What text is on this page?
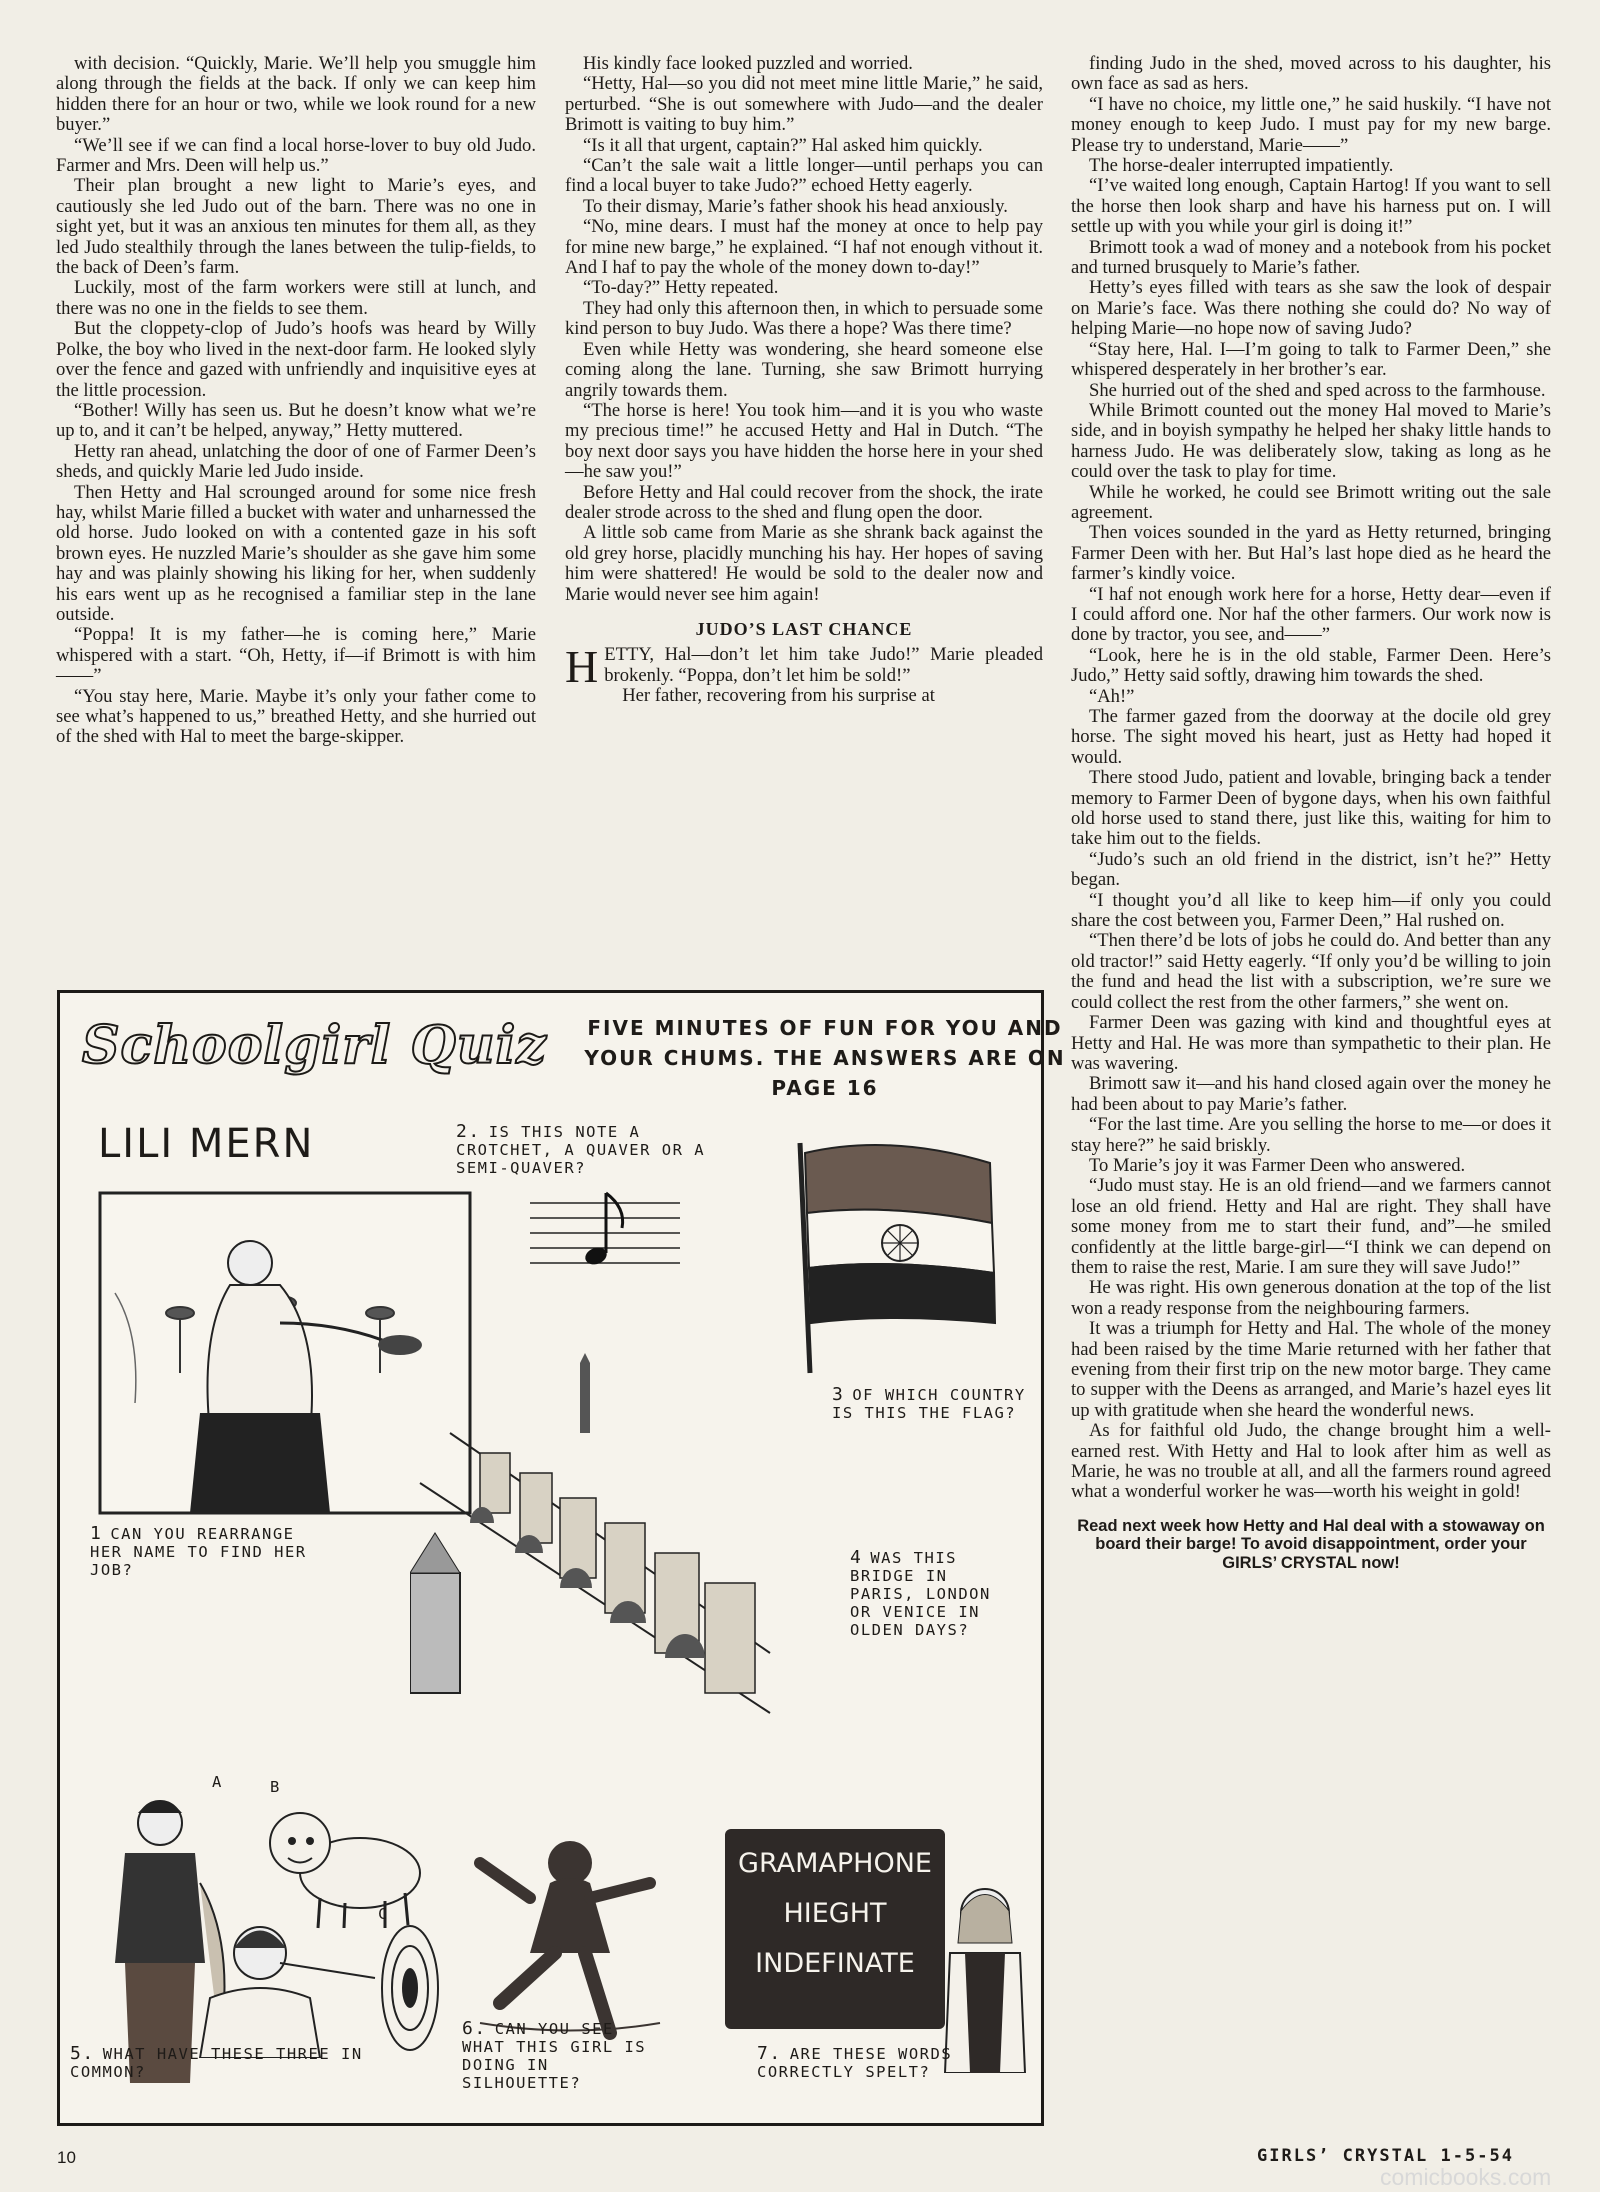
with decision. “Quickly, Marie. We’ll help you smuggle him along through the fields at the back. If only we can keep him hidden there for an hour or two, while we look round for a new buyer.”

“We’ll see if we can find a local horse-lover to buy old Judo. Farmer and Mrs. Deen will help us.”

Their plan brought a new light to Marie’s eyes, and cautiously she led Judo out of the barn. There was no one in sight yet, but it was an anxious ten minutes for them all, as they led Judo stealthily through the lanes between the tulip-fields, to the back of Deen’s farm.

Luckily, most of the farm workers were still at lunch, and there was no one in the fields to see them.

But the cloppety-clop of Judo’s hoofs was heard by Willy Polke, the boy who lived in the next-door farm. He looked slyly over the fence and gazed with unfriendly and inquisitive eyes at the little procession.

“Bother! Willy has seen us. But he doesn’t know what we’re up to, and it can’t be helped, anyway,” Hetty muttered.

Hetty ran ahead, unlatching the door of one of Farmer Deen’s sheds, and quickly Marie led Judo inside.

Then Hetty and Hal scrounged around for some nice fresh hay, whilst Marie filled a bucket with water and unharnessed the old horse. Judo looked on with a contented gaze in his soft brown eyes. He nuzzled Marie’s shoulder as she gave him some hay and was plainly showing his liking for her, when suddenly his ears went up as he recognised a familiar step in the lane outside.

“Poppa! It is my father—he is coming here,” Marie whispered with a start. “Oh, Hetty, if—if Brimott is with him——”

“You stay here, Marie. Maybe it’s only your father come to see what’s happened to us,” breathed Hetty, and she hurried out of the shed with Hal to meet the barge-skipper.

His kindly face looked puzzled and worried.

“Hetty, Hal—so you did not meet mine little Marie,” he said, perturbed. “She is out somewhere with Judo—and the dealer Brimott is vaiting to buy him.”

“Is it all that urgent, captain?” Hal asked him quickly.

“Can’t the sale wait a little longer—until perhaps you can find a local buyer to take Judo?” echoed Hetty eagerly.

To their dismay, Marie’s father shook his head anxiously.

“No, mine dears. I must haf the money at once to help pay for mine new barge,” he explained. “I haf not enough vithout it. And I haf to pay the whole of the money down to-day!”

“To-day?” Hetty repeated.

They had only this afternoon then, in which to persuade some kind person to buy Judo. Was there a hope? Was there time?

Even while Hetty was wondering, she heard someone else coming along the lane. Turning, she saw Brimott hurrying angrily towards them.

“The horse is here! You took him—and it is you who waste my precious time!” he accused Hetty and Hal in Dutch. “The boy next door says you have hidden the horse here in your shed—he saw you!”

Before Hetty and Hal could recover from the shock, the irate dealer strode across to the shed and flung open the door.

A little sob came from Marie as she shrank back against the old grey horse, placidly munching his hay. Her hopes of saving him were shattered! He would be sold to the dealer now and Marie would never see him again!

JUDO’S LAST CHANCE

HETTY, Hal—don’t let him take Judo!” Marie pleaded brokenly. “Poppa, don’t let him be sold!”

Her father, recovering from his surprise at

finding Judo in the shed, moved across to his daughter, his own face as sad as hers.

“I have no choice, my little one,” he said huskily. “I have not money enough to keep Judo. I must pay for my new barge. Please try to understand, Marie——”

The horse-dealer interrupted impatiently.

“I’ve waited long enough, Captain Hartog! If you want to sell the horse then look sharp and have his harness put on. I will settle up with you while your girl is doing it!”

Brimott took a wad of money and a notebook from his pocket and turned brusquely to Marie’s father.

Hetty’s eyes filled with tears as she saw the look of despair on Marie’s face. Was there nothing she could do? No way of helping Marie—no hope now of saving Judo?

“Stay here, Hal. I—I’m going to talk to Farmer Deen,” she whispered desperately in her brother’s ear.

She hurried out of the shed and sped across to the farmhouse.

While Brimott counted out the money Hal moved to Marie’s side, and in boyish sympathy he helped her shaky little hands to harness Judo. He was deliberately slow, taking as long as he could over the task to play for time.

While he worked, he could see Brimott writing out the sale agreement.

Then voices sounded in the yard as Hetty returned, bringing Farmer Deen with her. But Hal’s last hope died as he heard the farmer’s kindly voice.

“I haf not enough work here for a horse, Hetty dear—even if I could afford one. Nor haf the other farmers. Our work now is done by tractor, you see, and——”

“Look, here he is in the old stable, Farmer Deen. Here’s Judo,” Hetty said softly, drawing him towards the shed.

“Ah!”

The farmer gazed from the doorway at the docile old grey horse. The sight moved his heart, just as Hetty had hoped it would.

There stood Judo, patient and lovable, bringing back a tender memory to Farmer Deen of bygone days, when his own faithful old horse used to stand there, just like this, waiting for him to take him out to the fields.

“Judo’s such an old friend in the district, isn’t he?” Hetty began.

“I thought you’d all like to keep him—if only you could share the cost between you, Farmer Deen,” Hal rushed on.

“Then there’d be lots of jobs he could do. And better than any old tractor!” said Hetty eagerly. “If only you’d be willing to join the fund and head the list with a subscription, we’re sure we could collect the rest from the other farmers,” she went on.

Farmer Deen was gazing with kind and thoughtful eyes at Hetty and Hal. He was more than sympathetic to their plan. He was wavering.

Brimott saw it—and his hand closed again over the money he had been about to pay Marie’s father.

“For the last time. Are you selling the horse to me—or does it stay here?” he said briskly.

To Marie’s joy it was Farmer Deen who answered.

“Judo must stay. He is an old friend—and we farmers cannot lose an old friend. Hetty and Hal are right. They shall have some money from me to start their fund, and”—he smiled confidently at the little barge-girl—“I think we can depend on them to raise the rest, Marie. I am sure they will save Judo!”

He was right. His own generous donation at the top of the list won a ready response from the neighbouring farmers.

It was a triumph for Hetty and Hal. The whole of the money had been raised by the time Marie returned with her father that evening from their first trip on the new motor barge. They came to supper with the Deens as arranged, and Marie’s hazel eyes lit up with gratitude when she heard the wonderful news.

As for faithful old Judo, the change brought him a well-earned rest. With Hetty and Hal to look after him as well as Marie, he was no trouble at all, and all the farmers round agreed what a wonderful worker he was—worth his weight in gold!

Read next week how Hetty and Hal deal with a stowaway on board their barge! To avoid disappointment, order your GIRLS’ CRYSTAL now!

Schoolgirl Quiz	FIVE MINUTES OF FUN FOR YOU AND YOUR CHUMS. THE ANSWERS ARE ON PAGE 16
LILI MERN
1 CAN YOU REARRANGE HER NAME TO FIND HER JOB?
2. IS THIS NOTE A CROTCHET, A QUAVER OR A SEMI-QUAVER?
3 OF WHICH COUNTRY IS THIS THE FLAG?
4 WAS THIS BRIDGE IN PARIS, LONDON OR VENICE IN OLDEN DAYS?
A	B
C
5. WHAT HAVE THESE THREE IN COMMON?
6. CAN YOU SEE WHAT THIS GIRL IS DOING IN SILHOUETTE?
GRAMAPHONE
HIEGHT
INDEFINATE
7. ARE THESE WORDS CORRECTLY SPELT?
10	GIRLS’ CRYSTAL 1-5-54
comicbooks.com
